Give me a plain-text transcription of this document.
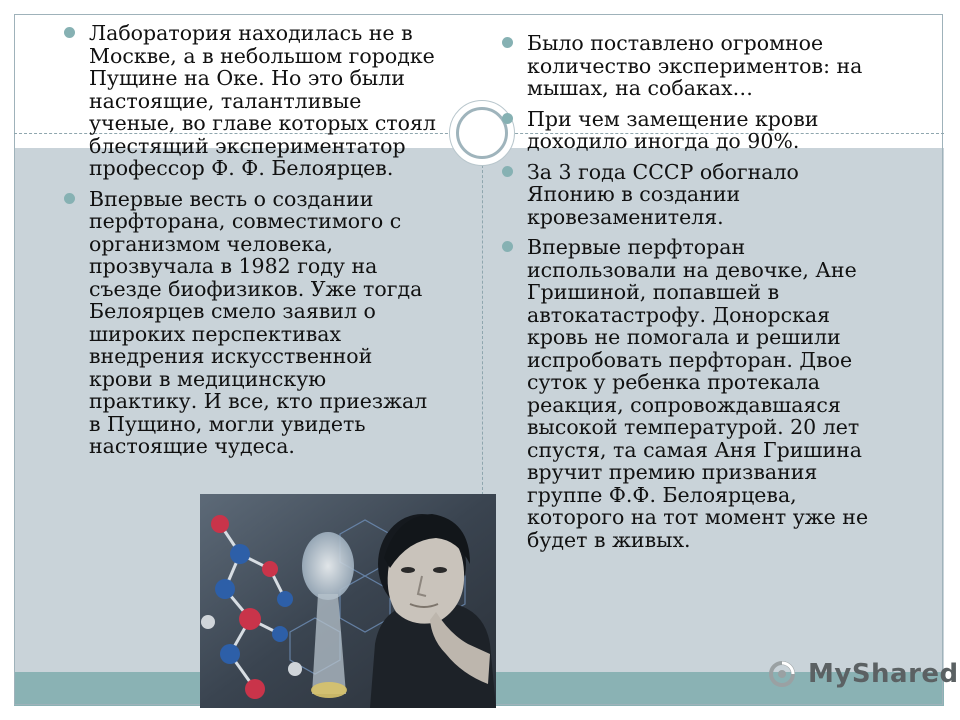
Лаборатория находилась не в
Москве, а в небольшом городке
Пущине на Оке. Но это были
настоящие, талантливые
ученые, во главе которых стоял
блестящий экспериментатор
профессор Ф. Ф. Белоярцев.
Впервые весть о создании
перфторана, совместимого с
организмом человека,
прозвучала в 1982 году на
съезде биофизиков. Уже тогда
Белоярцев смело заявил о
широких перспективах
внедрения искусственной
крови в медицинскую
практику. И все, кто приезжал
в Пущино, могли увидеть
настоящие чудеса.
Было поставлено огромное
количество экспериментов: на
мышах, на собаках…
При чем замещение крови
доходило иногда до 90%.
За 3 года СССР обогнало
Японию в создании
кровезаменителя.
Впервые перфторан
использовали на девочке, Ане
Гришиной, попавшей в
автокатастрофу. Донорская
кровь не помогала и решили
испробовать перфторан. Двое
суток у ребенка протекала
реакция, сопровождавшаяся
высокой температурой. 20 лет
спустя, та самая Аня Гришина
вручит премию призвания
группе Ф.Ф. Белоярцева,
которого на тот момент уже не
будет в живых.
MyShared
